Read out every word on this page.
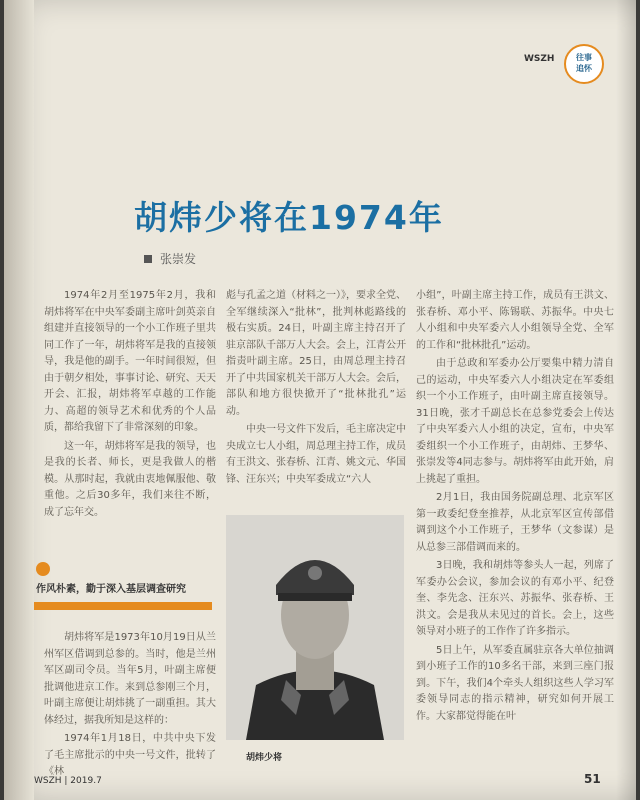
WSZH	往事
追怀
胡炜少将在1974年
张崇发

1974年2月至1975年2月，我和胡炜将军在中央军委副主席叶剑英亲自组建并直接领导的一个小工作班子里共同工作了一年，胡炜将军是我的直接领导，我是他的副手。一年时间很短，但由于朝夕相处，事事讨论、研究、天天开会、汇报，胡炜将军卓越的工作能力、高超的领导艺术和优秀的个人品质，都给我留下了非常深刻的印象。

这一年，胡炜将军是我的领导，也是我的长者、师长，更是我做人的楷模。从那时起，我就由衷地佩服他、敬重他。之后30多年，我们来往不断，成了忘年交。

作风朴素，勤于深入基层调查研究

胡炜将军是1973年10月19日从兰州军区借调到总参的。当时，他是兰州军区副司令员。当年5月，叶副主席便批调他进京工作。来到总参刚三个月，叶副主席便让胡炜挑了一副重担。其大体经过，据我所知是这样的：

1974年1月18日，中共中央下发了毛主席批示的中央一号文件，批转了《林

彪与孔孟之道（材料之一）》，要求全党、全军继续深入“批林”，批判林彪路线的极右实质。24日，叶副主席主持召开了驻京部队千部万人大会。会上，江青公开指责叶副主席。25日，由周总理主持召开了中共国家机关干部万人大会。会后，部队和地方很快掀开了“批林批孔”运动。

中央一号文件下发后，毛主席决定中央成立七人小组，周总理主持工作，成员有王洪文、张春桥、江青、姚文元、华国锋、汪东兴；中央军委成立“六人

胡炜少将

小组”，叶副主席主持工作，成员有王洪文、张春桥、邓小平、陈锡联、苏振华。中央七人小组和中央军委六人小组领导全党、全军的工作和“批林批孔”运动。

由于总政和军委办公厅要集中精力清自己的运动，中央军委六人小组决定在军委组织一个小工作班子，由叶副主席直接领导。31日晚，张才千副总长在总参党委会上传达了中央军委六人小组的决定，宣布，中央军委组织一个小工作班子，由胡炜、王梦华、张崇发等4同志参与。胡炜将军由此开始，肩上挑起了重担。

2月1日，我由国务院副总理、北京军区第一政委纪登奎推荐，从北京军区宣传部借调到这个小工作班子，王梦华（文参谋）是从总参三部借调而来的。

3日晚，我和胡炜等参头人一起，列席了军委办公会议，参加会议的有邓小平、纪登奎、李先念、汪东兴、苏振华、张春桥、王洪文。会是我从未见过的首长。会上，这些领导对小班子的工作作了许多指示。

5日上午，从军委直属驻京各大单位抽调到小班子工作的10多名干部，来到三座门报到。下午，我们4个牵头人组织这些人学习军委领导同志的指示精神，研究如何开展工作。大家都觉得能在叶

WSZH | 2019.7	51
